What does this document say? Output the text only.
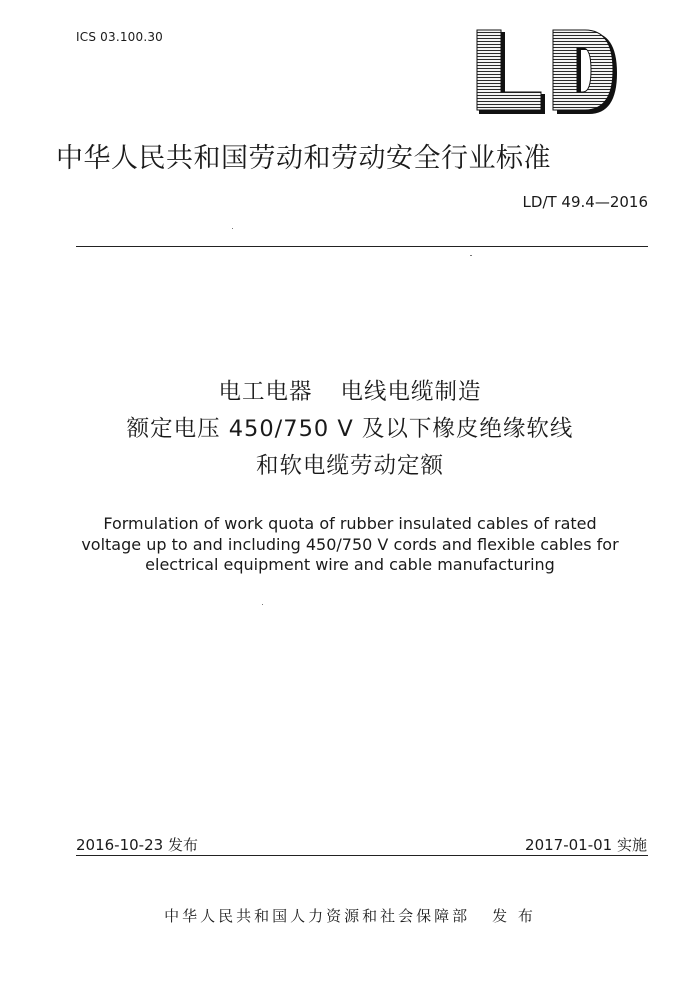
ICS 03.100.30
中华人民共和国劳动和劳动安全行业标准
LD/T 49.4—2016
电工电器 电线电缆制造
额定电压 450/750 V 及以下橡皮绝缘软线
和软电缆劳动定额
Formulation of work quota of rubber insulated cables of rated
voltage up to and including 450/750 V cords and flexible cables for
electrical equipment wire and cable manufacturing
2016-10-23 发布	2017-01-01 实施
中华人民共和国人力资源和社会保障部 发 布
